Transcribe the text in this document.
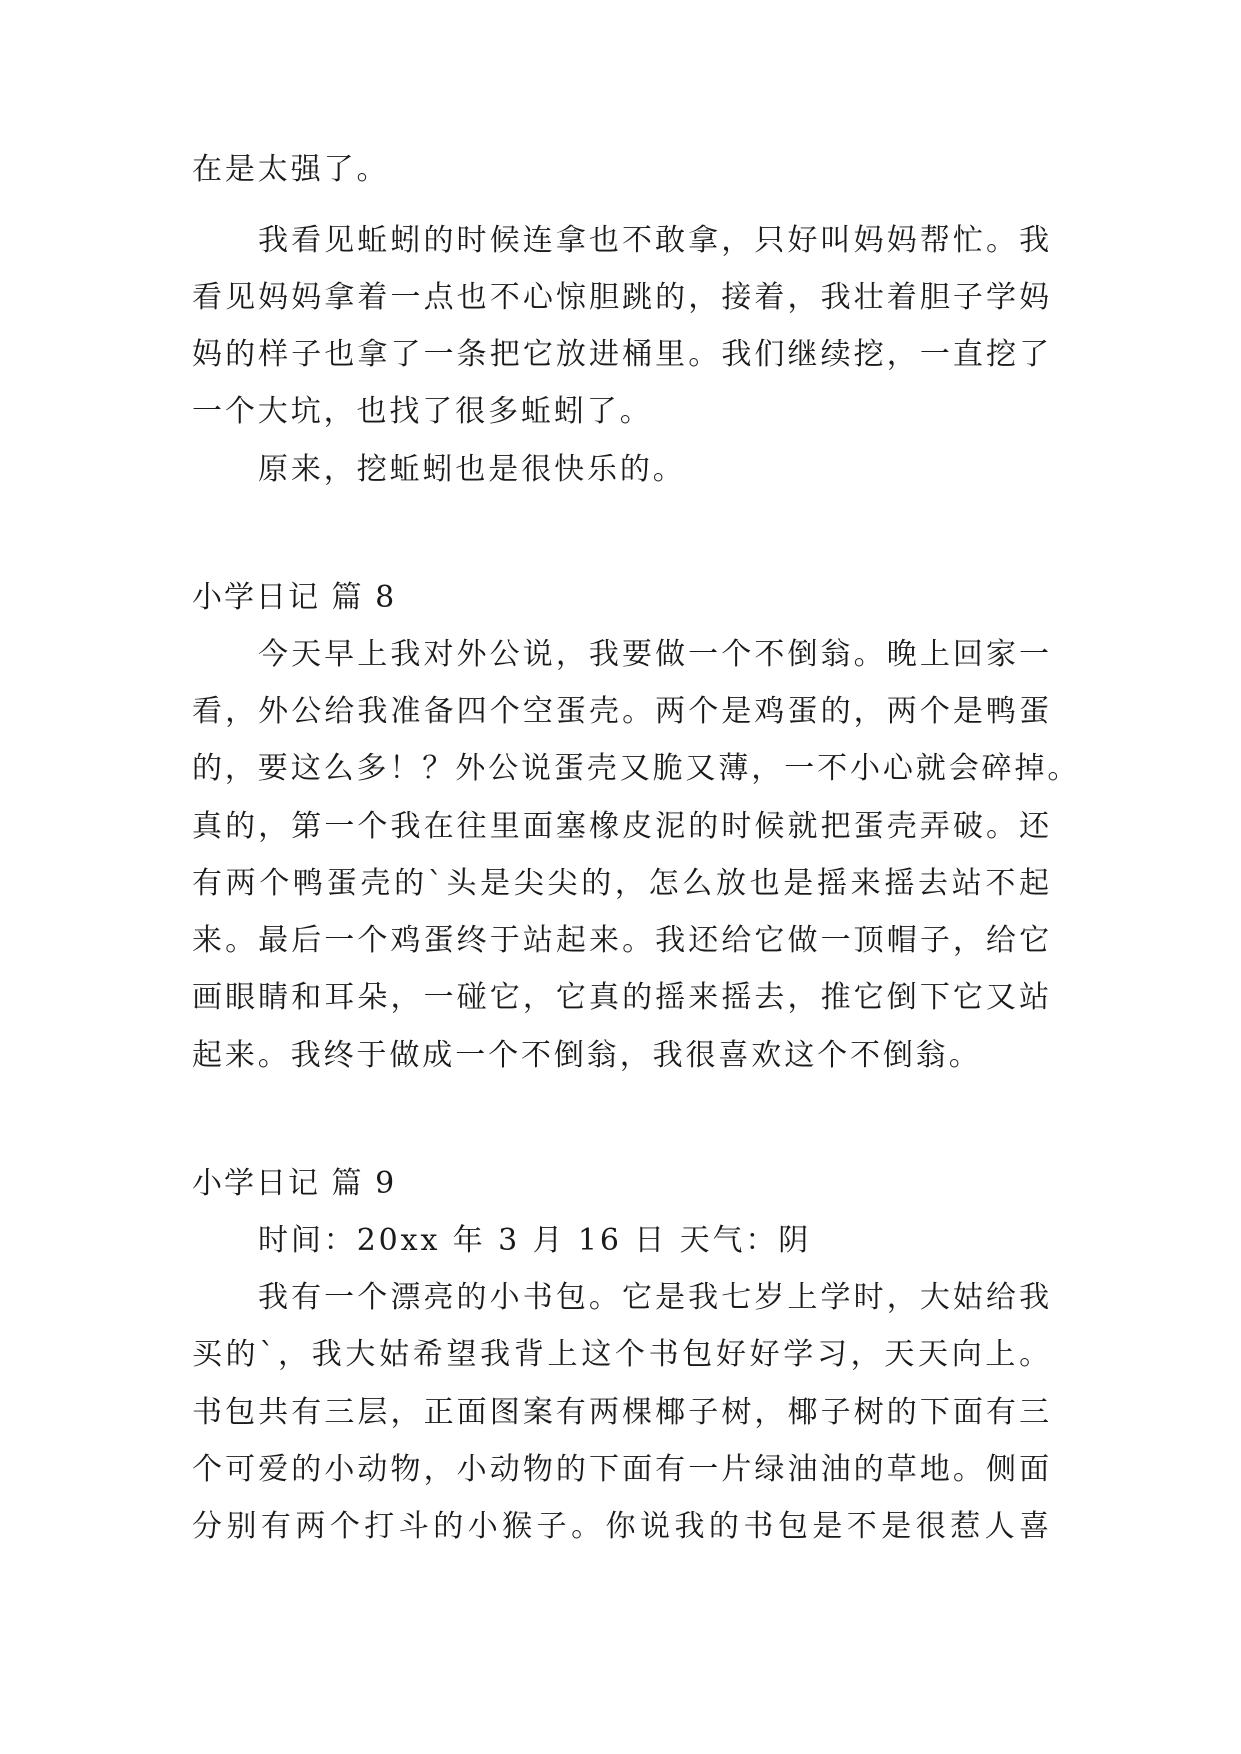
在是太强了。
我看见蚯蚓的时候连拿也不敢拿，只好叫妈妈帮忙。我
看见妈妈拿着一点也不心惊胆跳的，接着，我壮着胆子学妈
妈的样子也拿了一条把它放进桶里。我们继续挖，一直挖了
一个大坑，也找了很多蚯蚓了。
原来，挖蚯蚓也是很快乐的。
小学日记 篇 8
今天早上我对外公说，我要做一个不倒翁。晚上回家一
看，外公给我准备四个空蛋壳。两个是鸡蛋的，两个是鸭蛋
的，要这么多！？外公说蛋壳又脆又薄，一不小心就会碎掉。
真的，第一个我在往里面塞橡皮泥的时候就把蛋壳弄破。还
有两个鸭蛋壳的`头是尖尖的，怎么放也是摇来摇去站不起
来。最后一个鸡蛋终于站起来。我还给它做一顶帽子，给它
画眼睛和耳朵，一碰它，它真的摇来摇去，推它倒下它又站
起来。我终于做成一个不倒翁，我很喜欢这个不倒翁。
小学日记 篇 9
时间：20xx 年 3 月 16 日 天气：阴
我有一个漂亮的小书包。它是我七岁上学时，大姑给我
买的`，我大姑希望我背上这个书包好好学习，天天向上。
书包共有三层，正面图案有两棵椰子树，椰子树的下面有三
个可爱的小动物，小动物的下面有一片绿油油的草地。侧面
分别有两个打斗的小猴子。你说我的书包是不是很惹人喜
